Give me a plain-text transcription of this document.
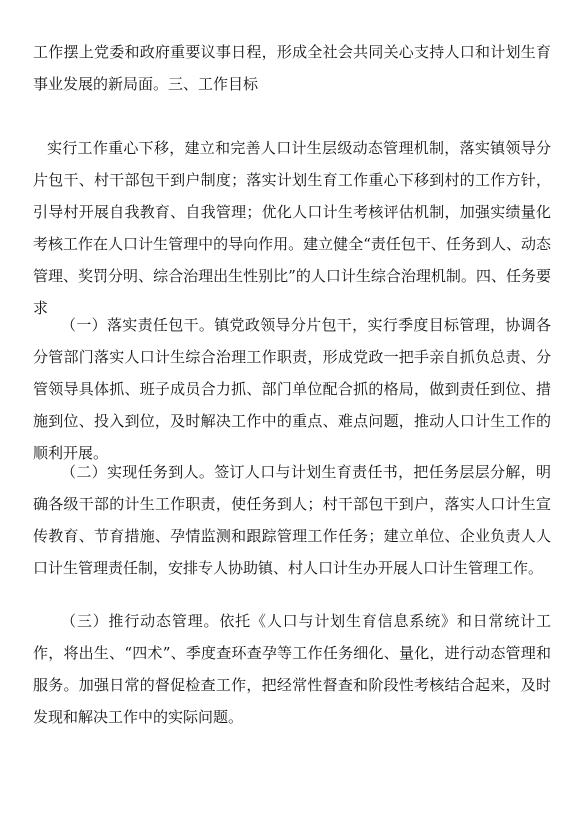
工作摆上党委和政府重要议事日程，形成全社会共同关心支持人口和计划生育事业发展的新局面。三、工作目标

实行工作重心下移，建立和完善人口计生层级动态管理机制，落实镇领导分片包干、村干部包干到户制度；落实计划生育工作重心下移到村的工作方针，引导村开展自我教育、自我管理；优化人口计生考核评估机制，加强实绩量化考核工作在人口计生管理中的导向作用。建立健全“责任包干、任务到人、动态管理、奖罚分明、综合治理出生性别比”的人口计生综合治理机制。四、任务要求

（一）落实责任包干。镇党政领导分片包干，实行季度目标管理，协调各分管部门落实人口计生综合治理工作职责，形成党政一把手亲自抓负总责、分管领导具体抓、班子成员合力抓、部门单位配合抓的格局，做到责任到位、措施到位、投入到位，及时解决工作中的重点、难点问题，推动人口计生工作的顺利开展。

（二）实现任务到人。签订人口与计划生育责任书，把任务层层分解，明确各级干部的计生工作职责，使任务到人；村干部包干到户，落实人口计生宣传教育、节育措施、孕情监测和跟踪管理工作任务；建立单位、企业负责人人口计生管理责任制，安排专人协助镇、村人口计生办开展人口计生管理工作。

（三）推行动态管理。依托《人口与计划生育信息系统》和日常统计工作，将出生、“四术”、季度查环查孕等工作任务细化、量化，进行动态管理和服务。加强日常的督促检查工作，把经常性督查和阶段性考核结合起来，及时发现和解决工作中的实际问题。
